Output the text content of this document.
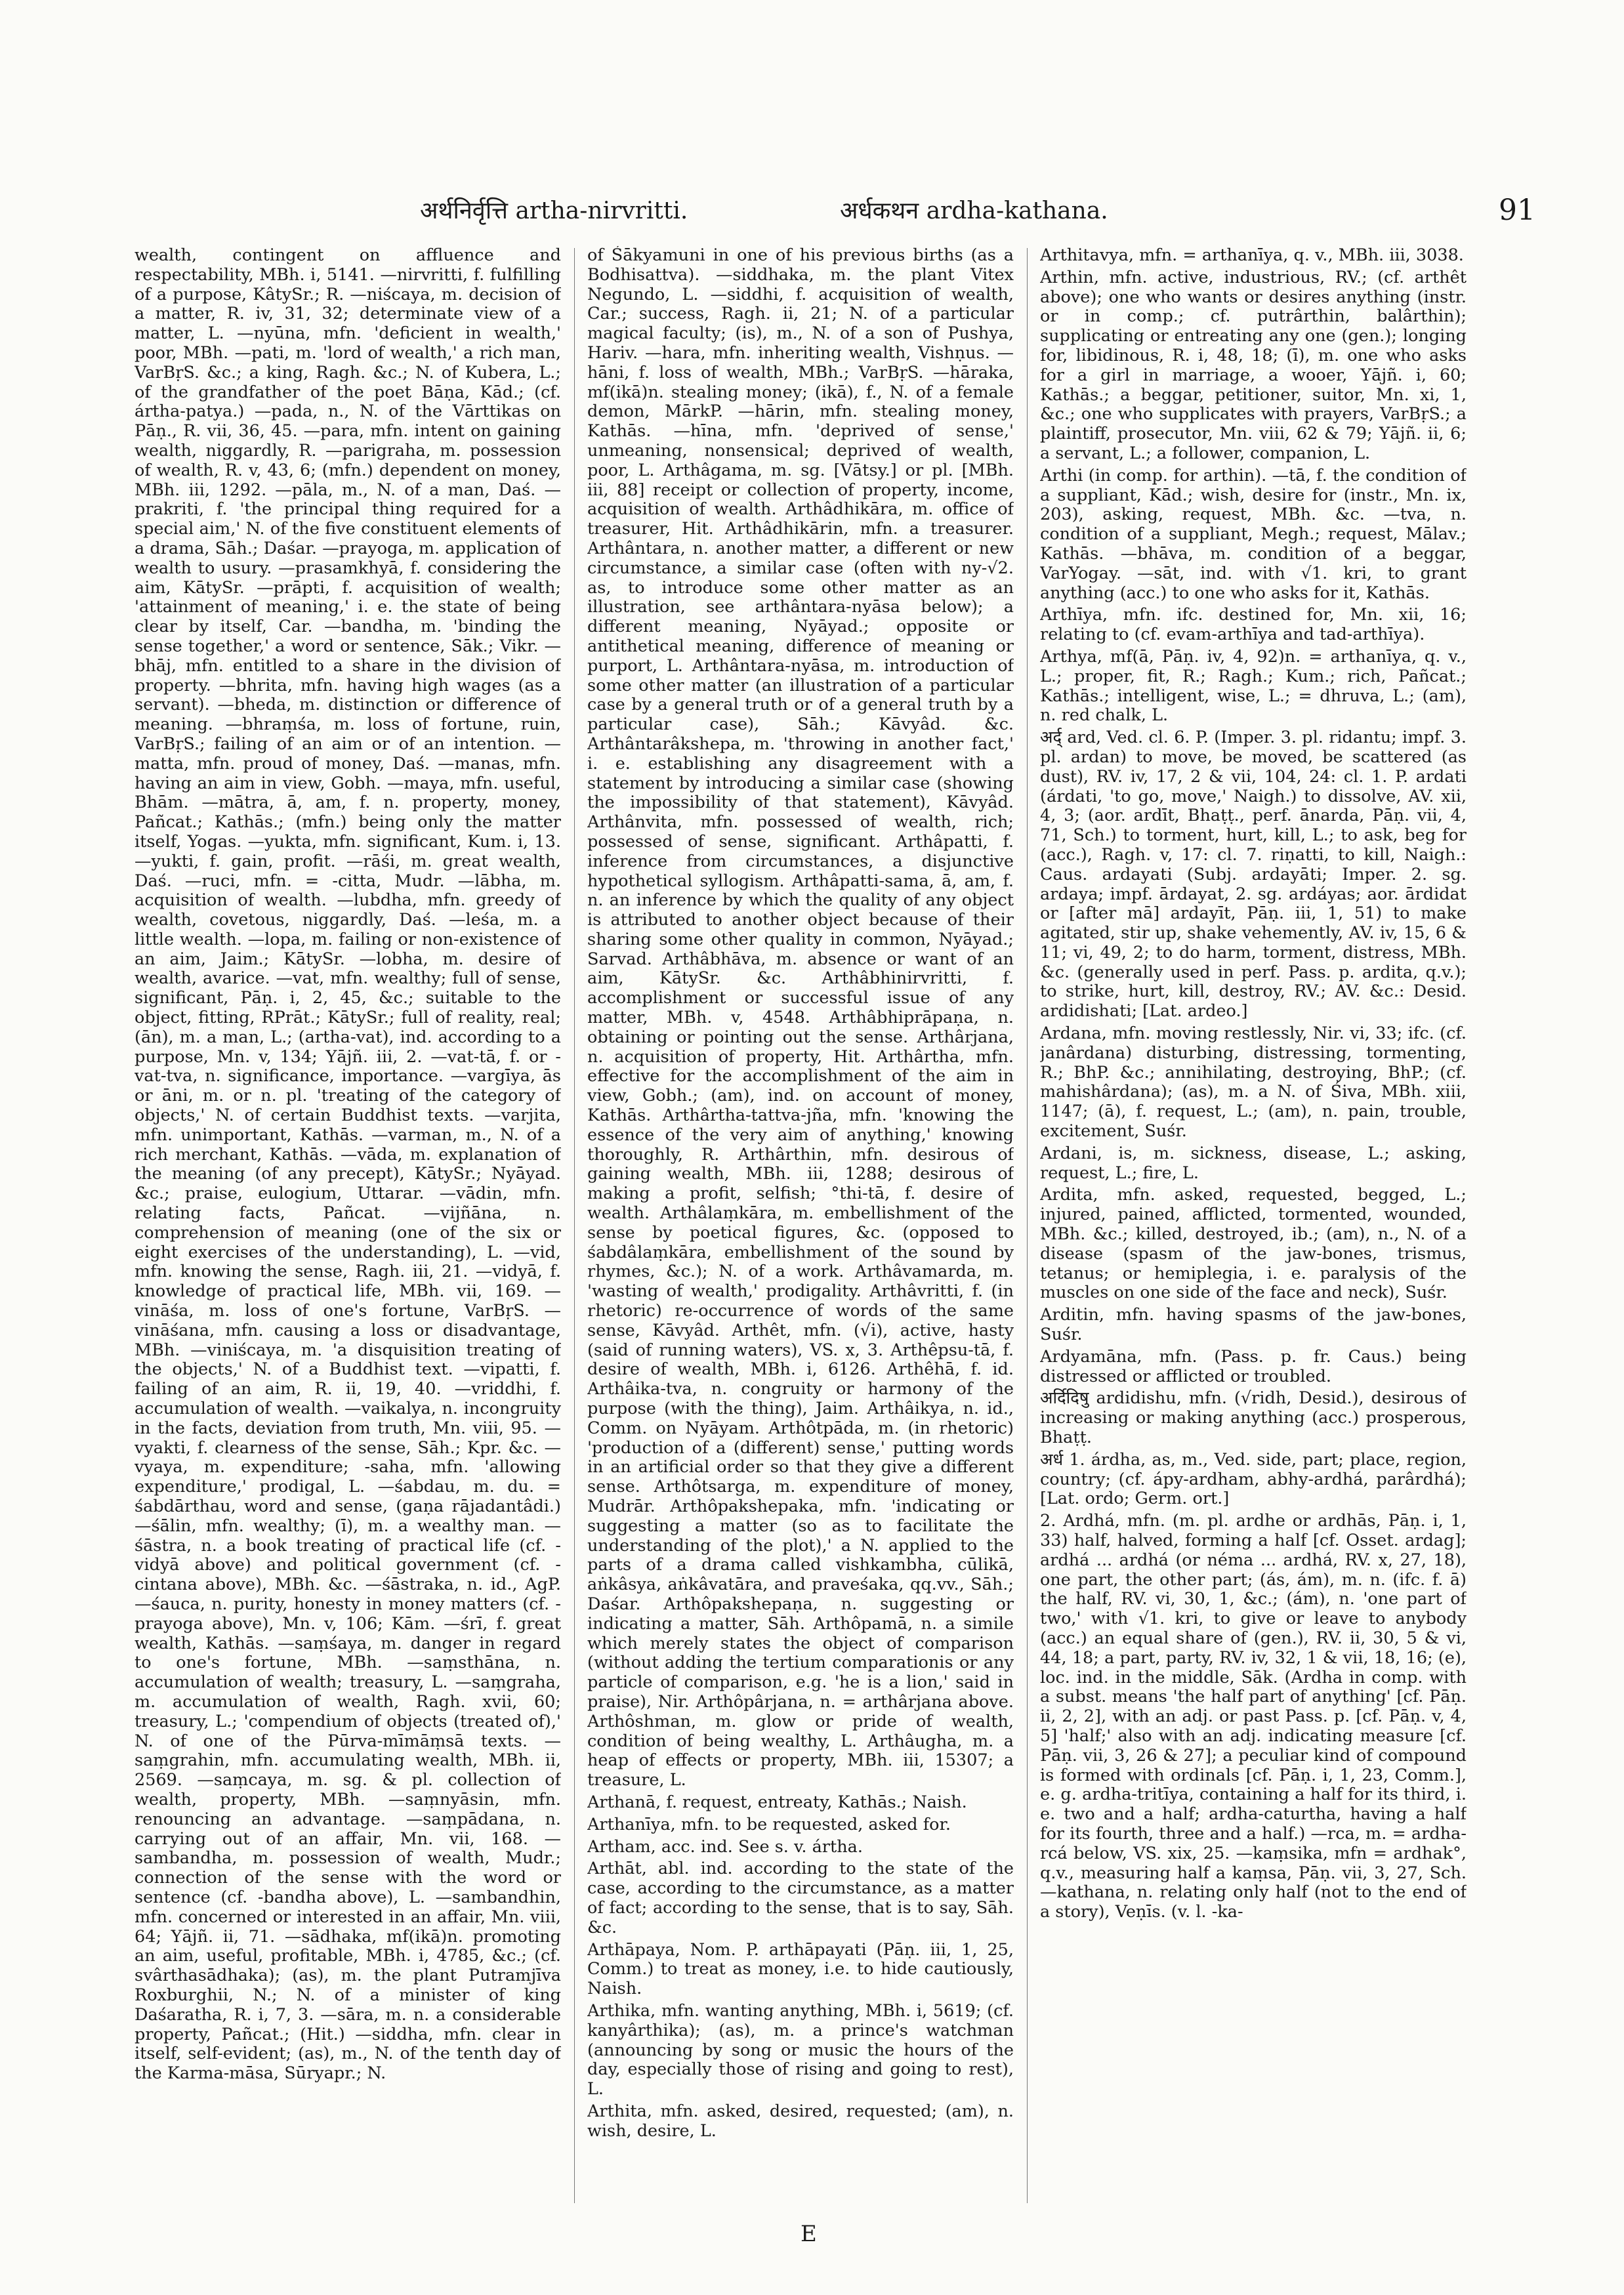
अर्थनिर्वृत्ति artha-nirvritti.	अर्धकथन ardha-kathana.	91

wealth, contingent on affluence and respectability, MBh. i, 5141. —nirvritti, f. fulfilling of a purpose, KâtySr.; R. —niścaya, m. decision of a matter, R. iv, 31, 32; determinate view of a matter, L. —nyūna, mfn. 'deficient in wealth,' poor, MBh. —pati, m. 'lord of wealth,' a rich man, VarBṛS. &c.; a king, Ragh. &c.; N. of Kubera, L.; of the grandfather of the poet Bāṇa, Kād.; (cf. ártha-patya.) —pada, n., N. of the Vārttikas on Pāṇ., R. vii, 36, 45. —para, mfn. intent on gaining wealth, niggardly, R. —parigraha, m. possession of wealth, R. v, 43, 6; (mfn.) dependent on money, MBh. iii, 1292. —pāla, m., N. of a man, Daś. —prakriti, f. 'the principal thing required for a special aim,' N. of the five constituent elements of a drama, Sāh.; Daśar. —prayoga, m. application of wealth to usury. —prasamkhyā, f. considering the aim, KātySr. —prāpti, f. acquisition of wealth; 'attainment of meaning,' i. e. the state of being clear by itself, Car. —bandha, m. 'binding the sense together,' a word or sentence, Sāk.; Vikr. —bhāj, mfn. entitled to a share in the division of property. —bhrita, mfn. having high wages (as a servant). —bheda, m. distinction or difference of meaning. —bhraṃśa, m. loss of fortune, ruin, VarBṛS.; failing of an aim or of an intention. —matta, mfn. proud of money, Daś. —manas, mfn. having an aim in view, Gobh. —maya, mfn. useful, Bhām. —mātra, ā, am, f. n. property, money, Pañcat.; Kathās.; (mfn.) being only the matter itself, Yogas. —yukta, mfn. significant, Kum. i, 13. —yukti, f. gain, profit. —rāśi, m. great wealth, Daś. —ruci, mfn. = -citta, Mudr. —lābha, m. acquisition of wealth. —lubdha, mfn. greedy of wealth, covetous, niggardly, Daś. —leśa, m. a little wealth. —lopa, m. failing or non-existence of an aim, Jaim.; KātySr. —lobha, m. desire of wealth, avarice. —vat, mfn. wealthy; full of sense, significant, Pāṇ. i, 2, 45, &c.; suitable to the object, fitting, RPrāt.; KātySr.; full of reality, real; (ān), m. a man, L.; (artha-vat), ind. according to a purpose, Mn. v, 134; Yājñ. iii, 2. —vat-tā, f. or -vat-tva, n. significance, importance. —vargīya, ās or āni, m. or n. pl. 'treating of the category of objects,' N. of certain Buddhist texts. —varjita, mfn. unimportant, Kathās. —varman, m., N. of a rich merchant, Kathās. —vāda, m. explanation of the meaning (of any precept), KātySr.; Nyāyad. &c.; praise, eulogium, Uttarar. —vādin, mfn. relating facts, Pañcat. —vijñāna, n. comprehension of meaning (one of the six or eight exercises of the understanding), L. —vid, mfn. knowing the sense, Ragh. iii, 21. —vidyā, f. knowledge of practical life, MBh. vii, 169. —vināśa, m. loss of one's fortune, VarBṛS. —vināśana, mfn. causing a loss or disadvantage, MBh. —viniścaya, m. 'a disquisition treating of the objects,' N. of a Buddhist text. —vipatti, f. failing of an aim, R. ii, 19, 40. —vriddhi, f. accumulation of wealth. —vaikalya, n. incongruity in the facts, deviation from truth, Mn. viii, 95. —vyakti, f. clearness of the sense, Sāh.; Kpr. &c. —vyaya, m. expenditure; -saha, mfn. 'allowing expenditure,' prodigal, L. —śabdau, m. du. = śabdārthau, word and sense, (gaṇa rājadantâdi.) —śālin, mfn. wealthy; (ī), m. a wealthy man. —śāstra, n. a book treating of practical life (cf. -vidyā above) and political government (cf. -cintana above), MBh. &c. —śāstraka, n. id., AgP. —śauca, n. purity, honesty in money matters (cf. -prayoga above), Mn. v, 106; Kām. —śrī, f. great wealth, Kathās. —saṃśaya, m. danger in regard to one's fortune, MBh. —saṃsthāna, n. accumulation of wealth; treasury, L. —saṃgraha, m. accumulation of wealth, Ragh. xvii, 60; treasury, L.; 'compendium of objects (treated of),' N. of one of the Pūrva-mīmāṃsā texts. —saṃgrahin, mfn. accumulating wealth, MBh. ii, 2569. —saṃcaya, m. sg. & pl. collection of wealth, property, MBh. —saṃnyāsin, mfn. renouncing an advantage. —saṃpādana, n. carrying out of an affair, Mn. vii, 168. —sambandha, m. possession of wealth, Mudr.; connection of the sense with the word or sentence (cf. -bandha above), L. —sambandhin, mfn. concerned or interested in an affair, Mn. viii, 64; Yājñ. ii, 71. —sādhaka, mf(ikā)n. promoting an aim, useful, profitable, MBh. i, 4785, &c.; (cf. svârthasādhaka); (as), m. the plant Putramjīva Roxburghii, N.; N. of a minister of king Daśaratha, R. i, 7, 3. —sāra, m. n. a considerable property, Pañcat.; (Hit.) —siddha, mfn. clear in itself, self-evident; (as), m., N. of the tenth day of the Karma-māsa, Sūryapr.; N.

of Śākyamuni in one of his previous births (as a Bodhisattva). —siddhaka, m. the plant Vitex Negundo, L. —siddhi, f. acquisition of wealth, Car.; success, Ragh. ii, 21; N. of a particular magical faculty; (is), m., N. of a son of Pushya, Hariv. —hara, mfn. inheriting wealth, Vishṇus. —hāni, f. loss of wealth, MBh.; VarBṛS. —hāraka, mf(ikā)n. stealing money; (ikā), f., N. of a female demon, MārkP. —hārin, mfn. stealing money, Kathās. —hīna, mfn. 'deprived of sense,' unmeaning, nonsensical; deprived of wealth, poor, L. Arthâgama, m. sg. [Vātsy.] or pl. [MBh. iii, 88] receipt or collection of property, income, acquisition of wealth. Arthâdhikāra, m. office of treasurer, Hit. Arthâdhikārin, mfn. a treasurer. Arthântara, n. another matter, a different or new circumstance, a similar case (often with ny-√2. as, to introduce some other matter as an illustration, see arthântara-nyāsa below); a different meaning, Nyāyad.; opposite or antithetical meaning, difference of meaning or purport, L. Arthântara-nyāsa, m. introduction of some other matter (an illustration of a particular case by a general truth or of a general truth by a particular case), Sāh.; Kāvyâd. &c. Arthântarâkshepa, m. 'throwing in another fact,' i. e. establishing any disagreement with a statement by introducing a similar case (showing the impossibility of that statement), Kāvyâd. Arthânvita, mfn. possessed of wealth, rich; possessed of sense, significant. Arthâpatti, f. inference from circumstances, a disjunctive hypothetical syllogism. Arthâpatti-sama, ā, am, f. n. an inference by which the quality of any object is attributed to another object because of their sharing some other quality in common, Nyāyad.; Sarvad. Arthâbhāva, m. absence or want of an aim, KātySr. &c. Arthâbhinirvritti, f. accomplishment or successful issue of any matter, MBh. v, 4548. Arthâbhiprāpaṇa, n. obtaining or pointing out the sense. Arthârjana, n. acquisition of property, Hit. Arthârtha, mfn. effective for the accomplishment of the aim in view, Gobh.; (am), ind. on account of money, Kathās. Arthârtha-tattva-jña, mfn. 'knowing the essence of the very aim of anything,' knowing thoroughly, R. Arthârthin, mfn. desirous of gaining wealth, MBh. iii, 1288; desirous of making a profit, selfish; °thi-tā, f. desire of wealth. Arthâlaṃkāra, m. embellishment of the sense by poetical figures, &c. (opposed to śabdâlaṃkāra, embellishment of the sound by rhymes, &c.); N. of a work. Arthâvamarda, m. 'wasting of wealth,' prodigality. Arthâvritti, f. (in rhetoric) re-occurrence of words of the same sense, Kāvyâd. Arthêt, mfn. (√i), active, hasty (said of running waters), VS. x, 3. Arthêpsu-tā, f. desire of wealth, MBh. i, 6126. Arthêhā, f. id. Arthâika-tva, n. congruity or harmony of the purpose (with the thing), Jaim. Arthâikya, n. id., Comm. on Nyāyam. Arthôtpāda, m. (in rhetoric) 'production of a (different) sense,' putting words in an artificial order so that they give a different sense. Arthôtsarga, m. expenditure of money, Mudrār. Arthôpakshepaka, mfn. 'indicating or suggesting a matter (so as to facilitate the understanding of the plot),' a N. applied to the parts of a drama called vishkambha, cūlikā, aṅkâsya, aṅkâvatāra, and praveśaka, qq.vv., Sāh.; Daśar. Arthôpakshepaṇa, n. suggesting or indicating a matter, Sāh. Arthôpamā, n. a simile which merely states the object of comparison (without adding the tertium comparationis or any particle of comparison, e.g. 'he is a lion,' said in praise), Nir. Arthôpârjana, n. = arthârjana above. Arthôshman, m. glow or pride of wealth, condition of being wealthy, L. Arthâugha, m. a heap of effects or property, MBh. iii, 15307; a treasure, L.

Arthanā, f. request, entreaty, Kathās.; Naish.

Arthanīya, mfn. to be requested, asked for.

Artham, acc. ind. See s. v. ártha.

Arthāt, abl. ind. according to the state of the case, according to the circumstance, as a matter of fact; according to the sense, that is to say, Sāh. &c.

Arthāpaya, Nom. P. arthāpayati (Pāṇ. iii, 1, 25, Comm.) to treat as money, i.e. to hide cautiously, Naish.

Arthika, mfn. wanting anything, MBh. i, 5619; (cf. kanyârthika); (as), m. a prince's watchman (announcing by song or music the hours of the day, especially those of rising and going to rest), L.

Arthita, mfn. asked, desired, requested; (am), n. wish, desire, L.

Arthitavya, mfn. = arthanīya, q. v., MBh. iii, 3038.

Arthin, mfn. active, industrious, RV.; (cf. arthêt above); one who wants or desires anything (instr. or in comp.; cf. putrârthin, balârthin); supplicating or entreating any one (gen.); longing for, libidinous, R. i, 48, 18; (ī), m. one who asks for a girl in marriage, a wooer, Yājñ. i, 60; Kathās.; a beggar, petitioner, suitor, Mn. xi, 1, &c.; one who supplicates with prayers, VarBṛS.; a plaintiff, prosecutor, Mn. viii, 62 & 79; Yājñ. ii, 6; a servant, L.; a follower, companion, L.

Arthi (in comp. for arthin). —tā, f. the condition of a suppliant, Kād.; wish, desire for (instr., Mn. ix, 203), asking, request, MBh. &c. —tva, n. condition of a suppliant, Megh.; request, Mālav.; Kathās. —bhāva, m. condition of a beggar, VarYogay. —sāt, ind. with √1. kri, to grant anything (acc.) to one who asks for it, Kathās.

Arthīya, mfn. ifc. destined for, Mn. xii, 16; relating to (cf. evam-arthīya and tad-arthīya).

Arthya, mf(ā, Pāṇ. iv, 4, 92)n. = arthanīya, q. v., L.; proper, fit, R.; Ragh.; Kum.; rich, Pañcat.; Kathās.; intelligent, wise, L.; = dhruva, L.; (am), n. red chalk, L.

अर्द् ard, Ved. cl. 6. P. (Imper. 3. pl. ridantu; impf. 3. pl. ardan) to move, be moved, be scattered (as dust), RV. iv, 17, 2 & vii, 104, 24: cl. 1. P. ardati (árdati, 'to go, move,' Naigh.) to dissolve, AV. xii, 4, 3; (aor. ardīt, Bhaṭṭ., perf. ānarda, Pāṇ. vii, 4, 71, Sch.) to torment, hurt, kill, L.; to ask, beg for (acc.), Ragh. v, 17: cl. 7. riṇatti, to kill, Naigh.: Caus. ardayati (Subj. ardayāti; Imper. 2. sg. ardaya; impf. ārdayat, 2. sg. ardáyas; aor. ārdidat or [after mā] ardayīt, Pāṇ. iii, 1, 51) to make agitated, stir up, shake vehemently, AV. iv, 15, 6 & 11; vi, 49, 2; to do harm, torment, distress, MBh. &c. (generally used in perf. Pass. p. ardita, q.v.); to strike, hurt, kill, destroy, RV.; AV. &c.: Desid. ardidishati; [Lat. ardeo.]

Ardana, mfn. moving restlessly, Nir. vi, 33; ifc. (cf. janârdana) disturbing, distressing, tormenting, R.; BhP. &c.; annihilating, destroying, BhP.; (cf. mahishârdana); (as), m. a N. of Śiva, MBh. xiii, 1147; (ā), f. request, L.; (am), n. pain, trouble, excitement, Suśr.

Ardani, is, m. sickness, disease, L.; asking, request, L.; fire, L.

Ardita, mfn. asked, requested, begged, L.; injured, pained, afflicted, tormented, wounded, MBh. &c.; killed, destroyed, ib.; (am), n., N. of a disease (spasm of the jaw-bones, trismus, tetanus; or hemiplegia, i. e. paralysis of the muscles on one side of the face and neck), Suśr.

Arditin, mfn. having spasms of the jaw-bones, Suśr.

Ardyamāna, mfn. (Pass. p. fr. Caus.) being distressed or afflicted or troubled.

अर्दिदिषु ardidishu, mfn. (√ridh, Desid.), desirous of increasing or making anything (acc.) prosperous, Bhaṭṭ.

अर्ध 1. árdha, as, m., Ved. side, part; place, region, country; (cf. ápy-ardham, abhy-ardhá, parârdhá); [Lat. ordo; Germ. ort.]

2. Ardhá, mfn. (m. pl. ardhe or ardhās, Pāṇ. i, 1, 33) half, halved, forming a half [cf. Osset. ardag]; ardhá ... ardhá (or néma ... ardhá, RV. x, 27, 18), one part, the other part; (ás, ám), m. n. (ifc. f. ā) the half, RV. vi, 30, 1, &c.; (ám), n. 'one part of two,' with √1. kri, to give or leave to anybody (acc.) an equal share of (gen.), RV. ii, 30, 5 & vi, 44, 18; a part, party, RV. iv, 32, 1 & vii, 18, 16; (e), loc. ind. in the middle, Sāk. (Ardha in comp. with a subst. means 'the half part of anything' [cf. Pāṇ. ii, 2, 2], with an adj. or past Pass. p. [cf. Pāṇ. v, 4, 5] 'half;' also with an adj. indicating measure [cf. Pāṇ. vii, 3, 26 & 27]; a peculiar kind of compound is formed with ordinals [cf. Pāṇ. i, 1, 23, Comm.], e. g. ardha-tritīya, containing a half for its third, i. e. two and a half; ardha-caturtha, having a half for its fourth, three and a half.) —rca, m. = ardha-rcá below, VS. xix, 25. —kaṃsika, mfn = ardhak°, q.v., measuring half a kaṃsa, Pāṇ. vii, 3, 27, Sch. —kathana, n. relating only half (not to the end of a story), Veṇīs. (v. l. -ka-

E
